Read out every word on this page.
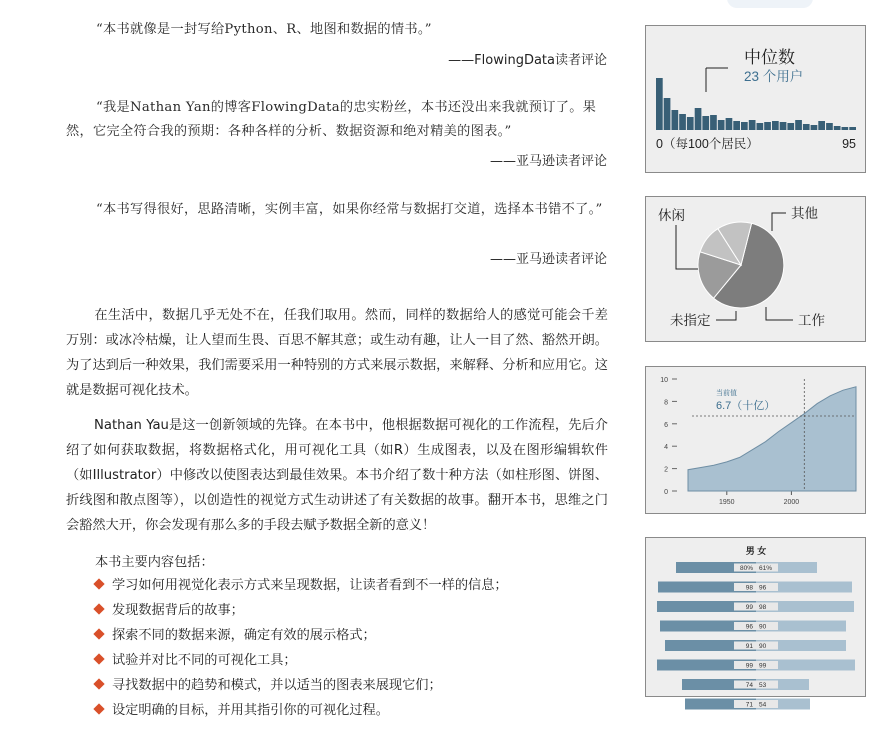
“本书就像是一封写给Python、R、地图和数据的情书。”
——FlowingData读者评论
“我是Nathan Yan的博客FlowingData的忠实粉丝，本书还没出来我就预订了。果然，它完全符合我的预期：各种各样的分析、数据资源和绝对精美的图表。”
——亚马逊读者评论
“本书写得很好，思路清晰，实例丰富，如果你经常与数据打交道，选择本书错不了。”
——亚马逊读者评论
在生活中，数据几乎无处不在，任我们取用。然而，同样的数据给人的感觉可能会千差万别：或冰冷枯燥，让人望而生畏、百思不解其意；或生动有趣，让人一目了然、豁然开朗。为了达到后一种效果，我们需要采用一种特别的方式来展示数据，来解释、分析和应用它。这就是数据可视化技术。
Nathan Yau是这一创新领域的先锋。在本书中，他根据数据可视化的工作流程，先后介绍了如何获取数据，将数据格式化，用可视化工具（如R）生成图表，以及在图形编辑软件（如Illustrator）中修改以使图表达到最佳效果。本书介绍了数十种方法（如柱形图、饼图、折线图和散点图等），以创造性的视觉方式生动讲述了有关数据的故事。翻开本书，思维之门会豁然大开，你会发现有那么多的手段去赋予数据全新的意义！
本书主要内容包括：
学习如何用视觉化表示方式来呈现数据，让读者看到不一样的信息；
发现数据背后的故事；
探索不同的数据来源，确定有效的展示格式；
试验并对比不同的可视化工具；
寻找数据中的趋势和模式，并以适当的图表来展现它们；
设定明确的目标，并用其指引你的可视化过程。
中位数
23 个用户
0（每100个居民）	95
休闲	其他
工作
未指定
10
8
6
4
2
0
1950	2000
当前值
6.7（十亿）
男 女
80% 61%
98 96
99 98
96 90
91 90
99 99
74 53
71 54
